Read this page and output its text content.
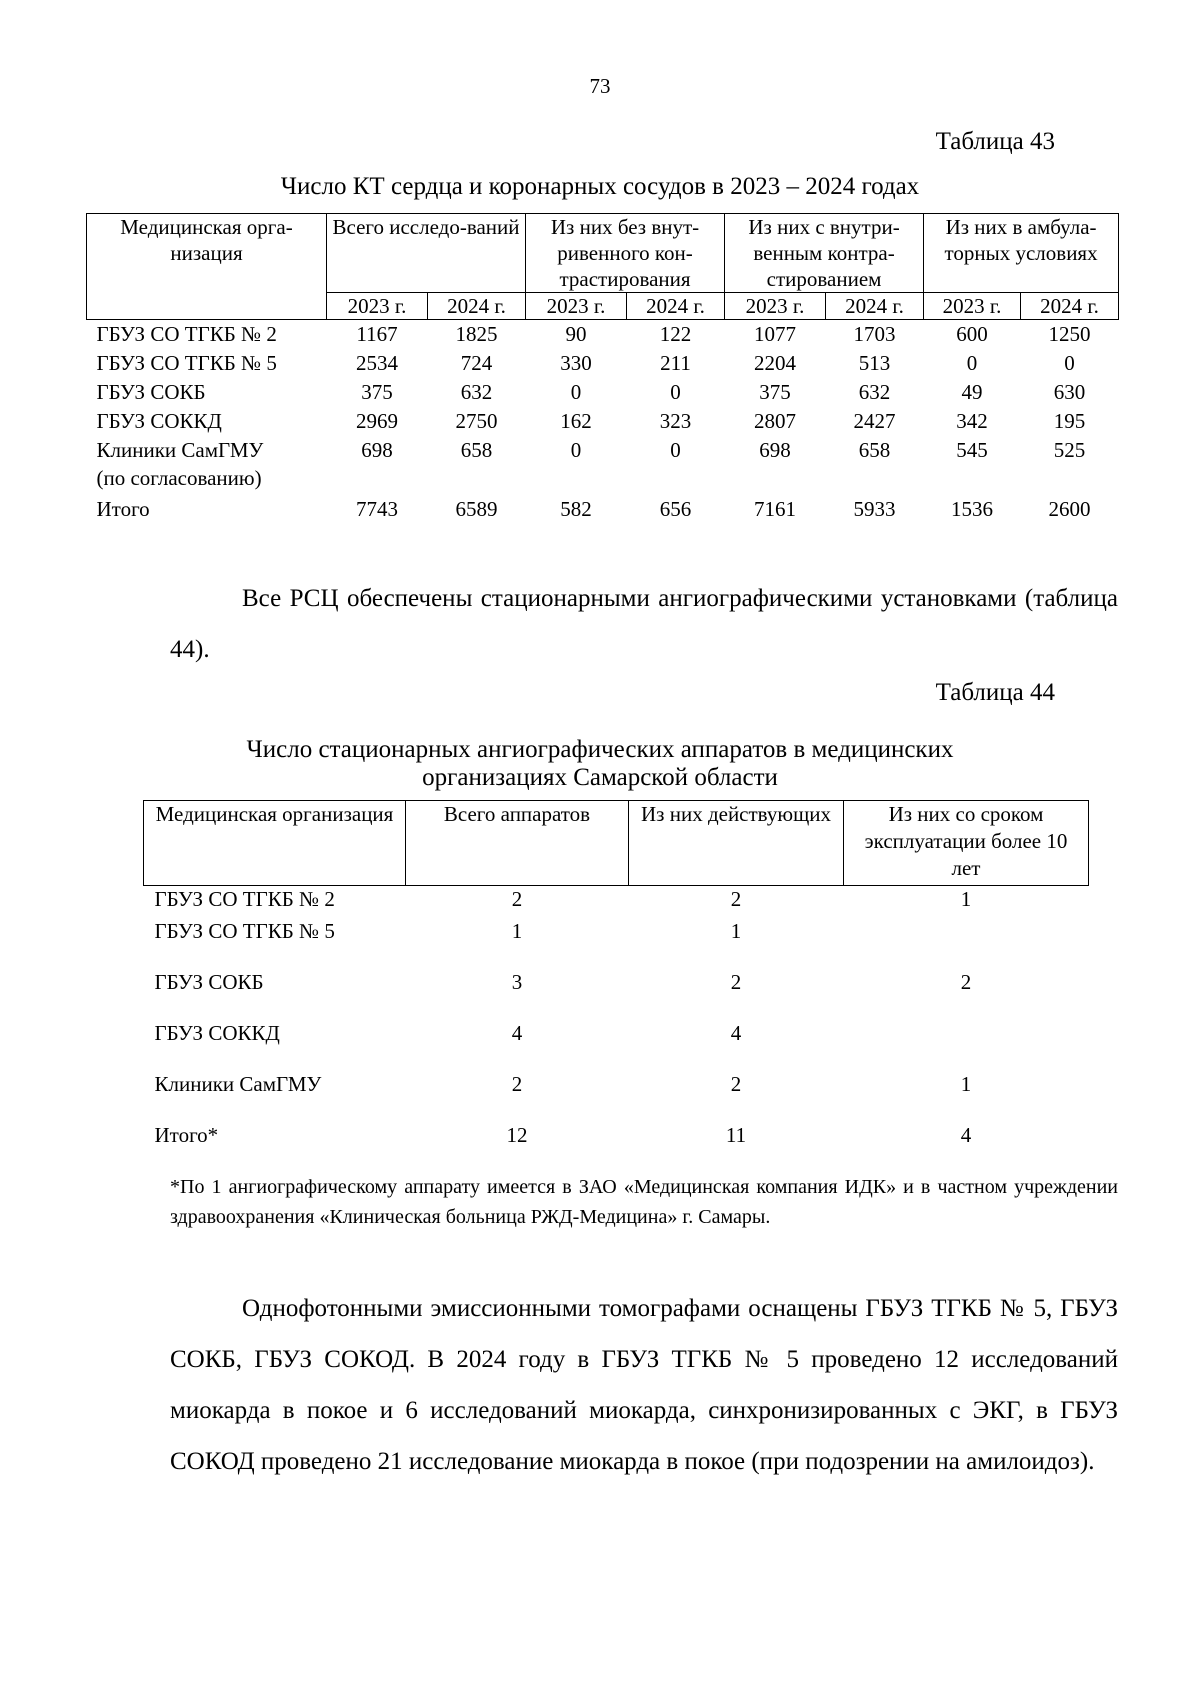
73
Таблица 43
Число КТ сердца и коронарных сосудов в 2023 – 2024 годах
Медицинская орга-низация	Всего исследо-ваний		Из них без внут-ривенного кон-трастирования		Из них с внутри-венным контра-стированием		Из них в амбула-торных условиях	
	2023 г.	2024 г.	2023 г.	2024 г.	2023 г.	2024 г.	2023 г.	2024 г.
ГБУЗ СО ТГКБ № 2	1167	1825	90	122	1077	1703	600	1250
ГБУЗ СО ТГКБ № 5	2534	724	330	211	2204	513	0	0
ГБУЗ СОКБ	375	632	0	0	375	632	49	630
ГБУЗ СОККД	2969	2750	162	323	2807	2427	342	195
Клиники СамГМУ
(по согласованию)	698	658	0	0	698	658	545	525
Итого	7743	6589	582	656	7161	5933	1536	2600

Все РСЦ обеспечены стационарными ангиографическими установками (таблица 44).

Таблица 44
Число стационарных ангиографических аппаратов в медицинских
организациях Самарской области
Медицинская организация	Всего аппаратов	Из них действующих	Из них со сроком эксплуатации более 10 лет
ГБУЗ СО ТГКБ № 2	2	2	1
ГБУЗ СО ТГКБ № 5	1	1	
ГБУЗ СОКБ	3	2	2
ГБУЗ СОККД	4	4	
Клиники СамГМУ	2	2	1
Итого*	12	11	4
*По 1 ангиографическому аппарату имеется в ЗАО «Медицинская компания ИДК» и в частном учреждении здравоохранения «Клиническая больница РЖД-Медицина» г. Самары.

Однофотонными эмиссионными томографами оснащены ГБУЗ ТГКБ № 5, ГБУЗ СОКБ, ГБУЗ СОКОД. В 2024 году в ГБУЗ ТГКБ № 5 проведено 12 исследований миокарда в покое и 6 исследований миокарда, синхронизированных с ЭКГ, в ГБУЗ СОКОД проведено 21 исследование миокарда в покое (при подозрении на амилоидоз).
